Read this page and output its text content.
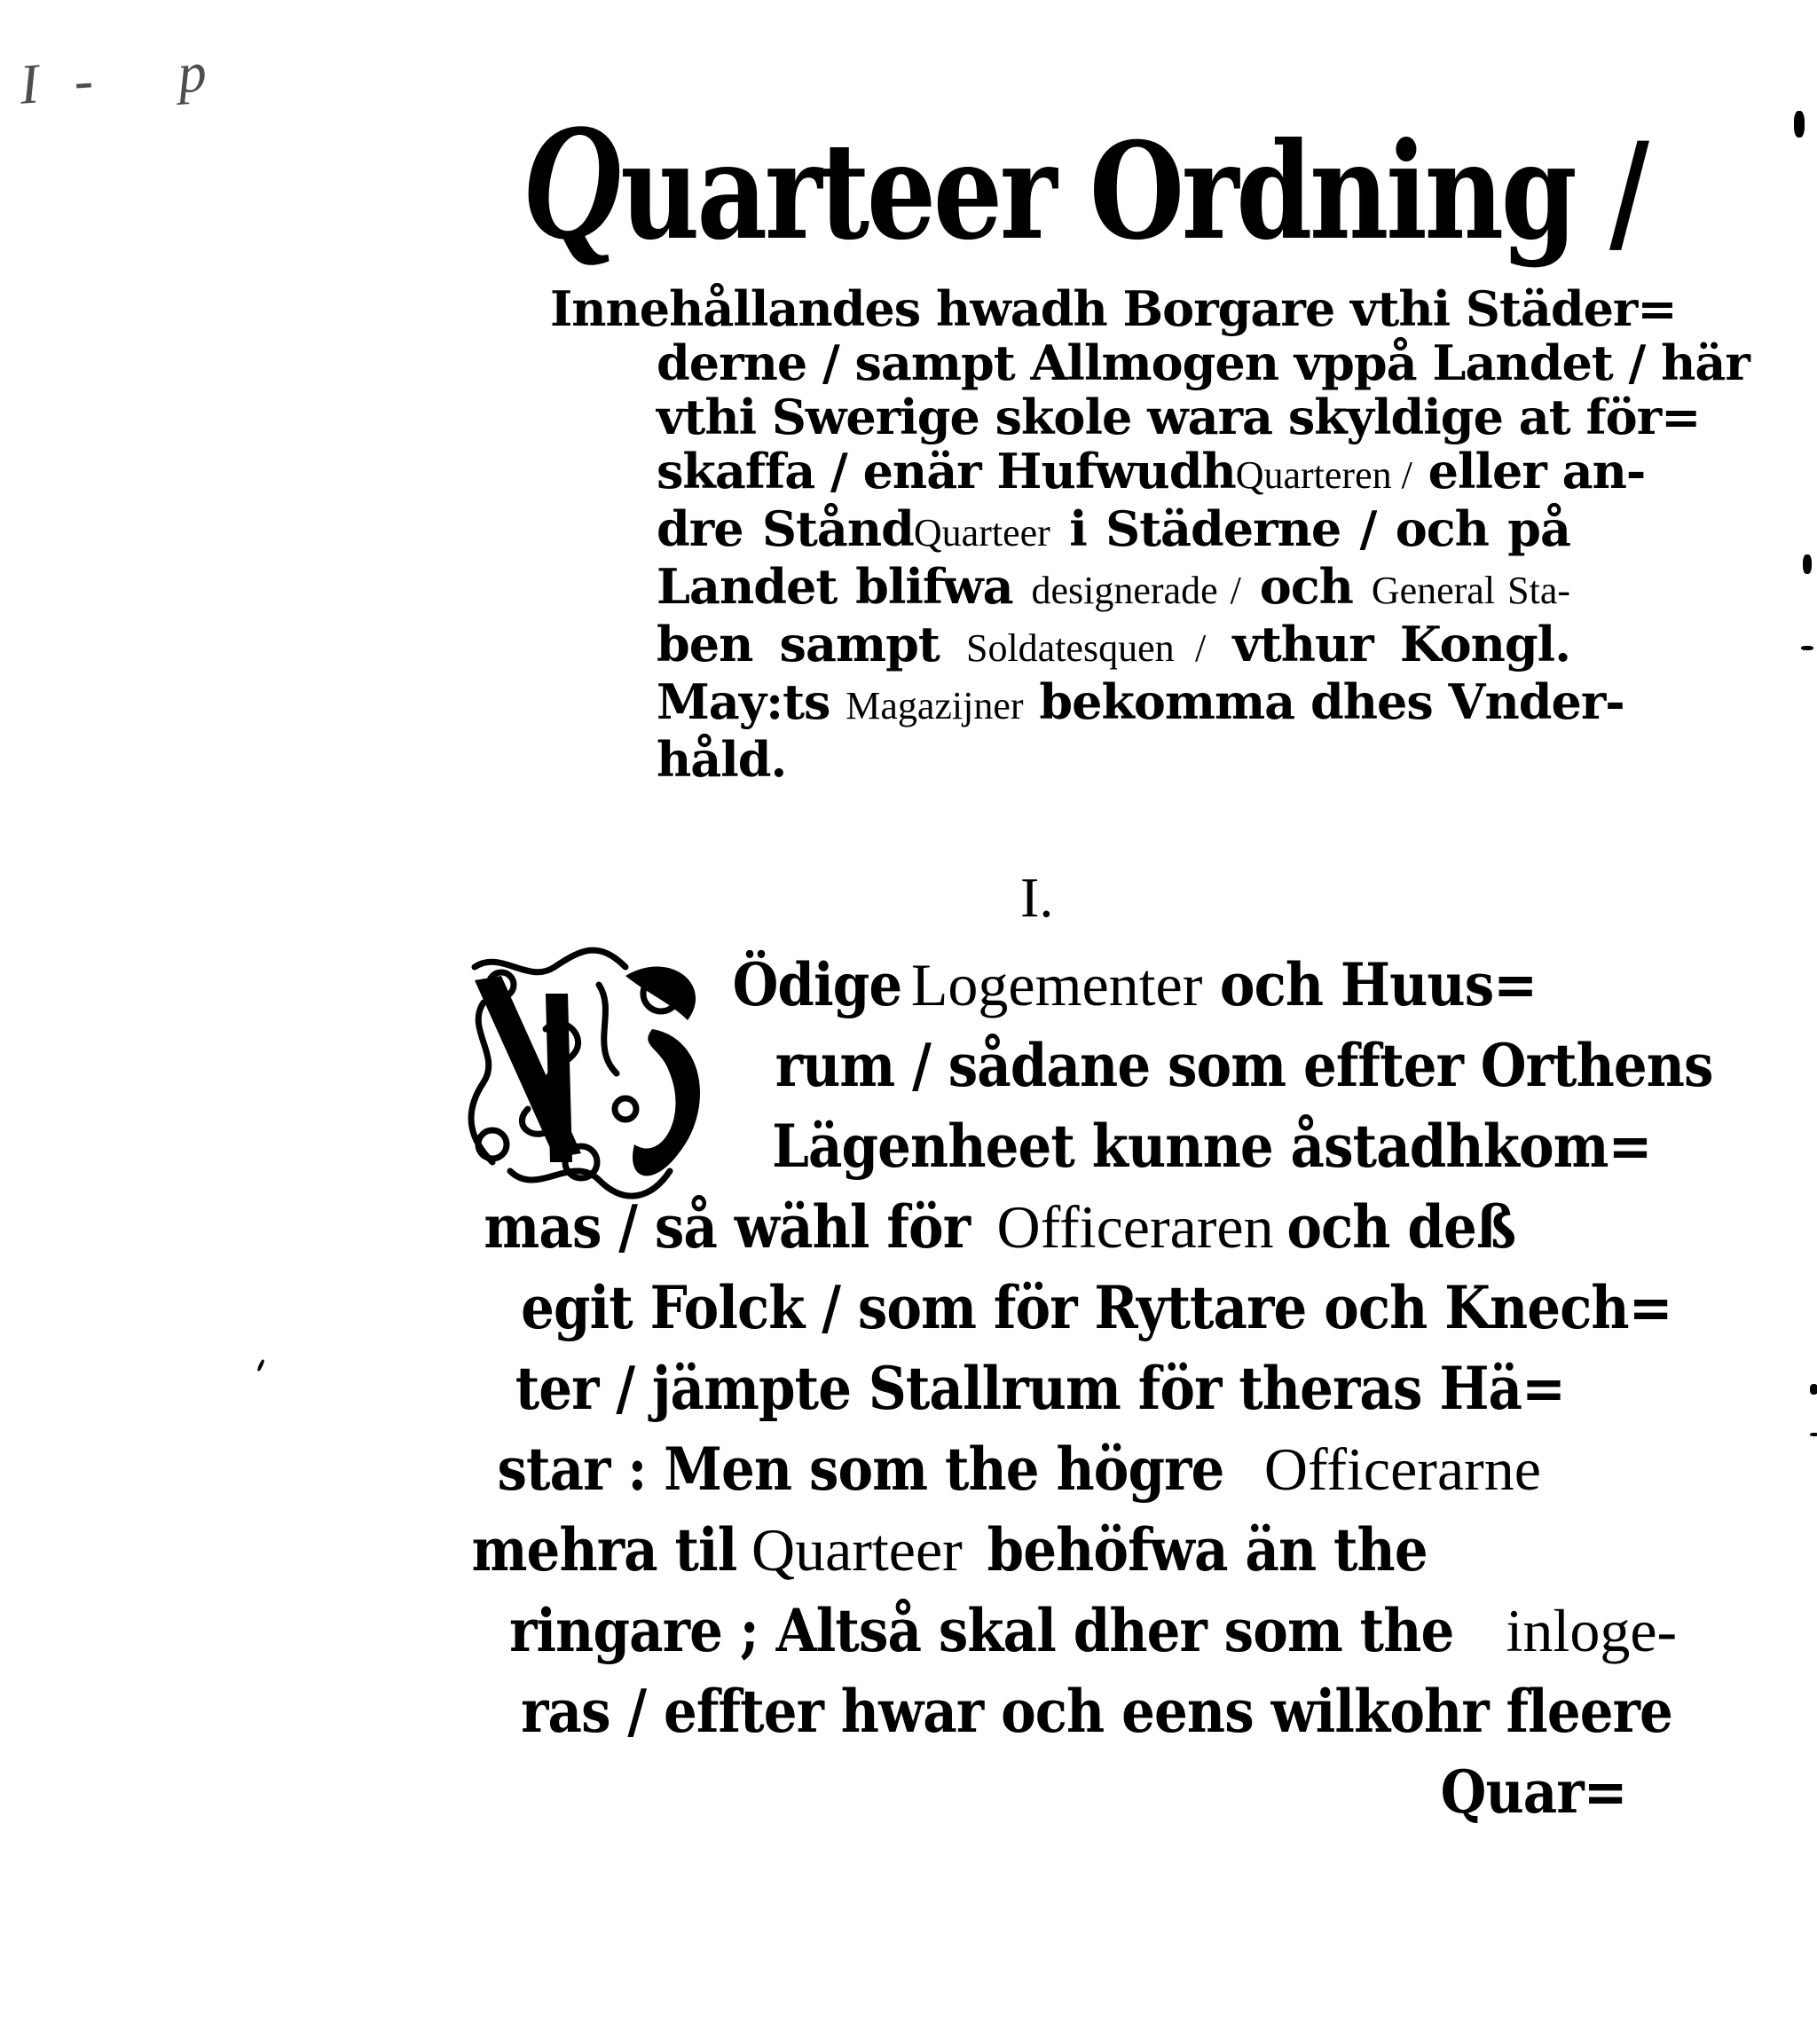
I- p
Quarteer Ordning /
Innehållandes hwadh Borgare vthi Städer=
derne / sampt Allmogen vppå Landet / här
vthi Swerige skole wara skyldige at för=
skaffa / enär HufwudhQuarteren / eller an-
dre StåndQuarteer i Städerne / och på
Landet blifwa designerade / och General Sta-
ben sampt Soldatesquen / vthur Kongl.
May:ts Magazijner bekomma dhes Vnder-
håld.
I.
N
ÖdigeLogementeroch Huus=
rum / sådane som effter Orthens
Lägenheet kunne åstadhkom=
mas / så wähl förOfficerarenoch deß
egit Folck / som för Ryttare och Knech=
ter / jämpte Stallrum för theras Hä=
star : Men som the högreOfficerarne
mehra tilQuarteerbehöfwa än the
ringare ; Altså skal dher som theinloge-
ras / effter hwar och eens wilkohr fleere
Quar=
